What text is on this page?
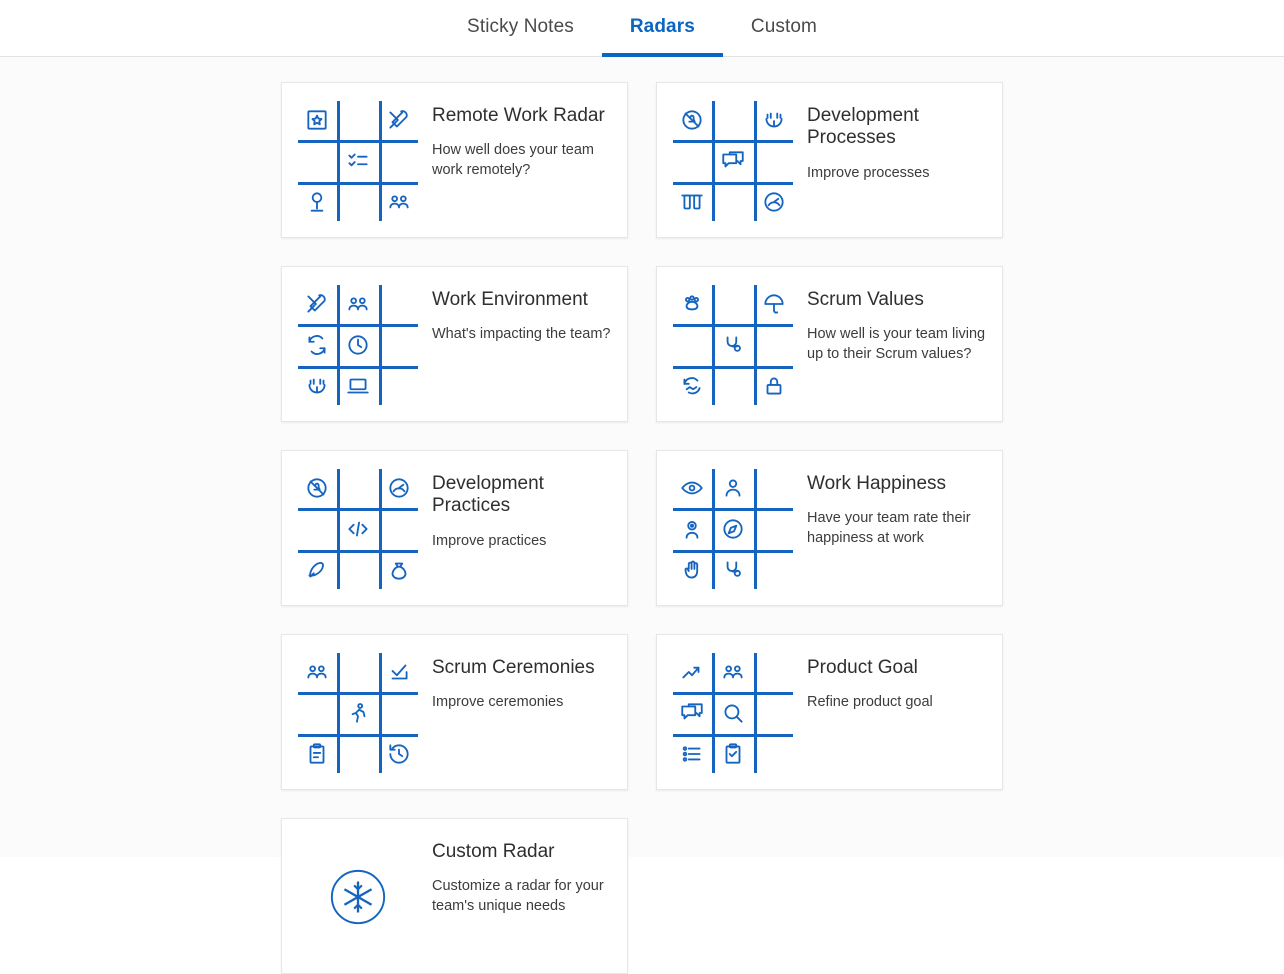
Sticky Notes	Radars	Custom

Remote Work Radar

How well does your team work remotely?

Development Processes

Improve processes

Work Environment

What's impacting the team?

Scrum Values

How well is your team living up to their Scrum values?

Development Practices

Improve practices

Work Happiness

Have your team rate their happiness at work

Scrum Ceremonies

Improve ceremonies

Product Goal

Refine product goal

Custom Radar

Customize a radar for your team's unique needs
